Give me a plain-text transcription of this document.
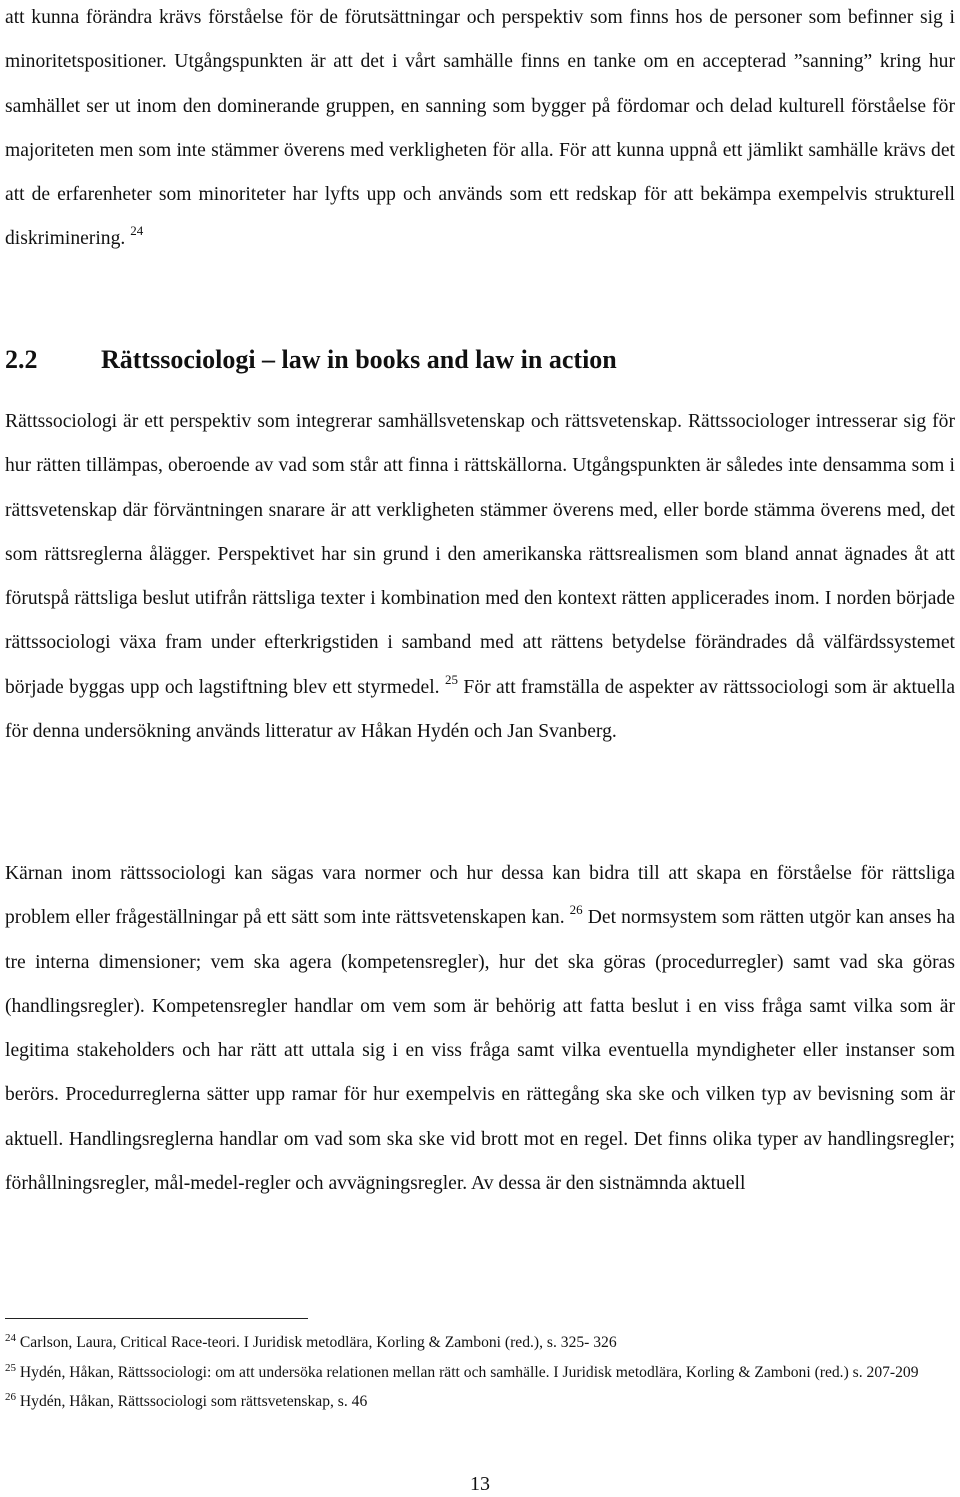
att kunna förändra krävs förståelse för de förutsättningar och perspektiv som finns hos de personer som befinner sig i minoritetspositioner. Utgångspunkten är att det i vårt samhälle finns en tanke om en accepterad ”sanning” kring hur samhället ser ut inom den dominerande gruppen, en sanning som bygger på fördomar och delad kulturell förståelse för majoriteten men som inte stämmer överens med verkligheten för alla. För att kunna uppnå ett jämlikt samhälle krävs det att de erfarenheter som minoriteter har lyfts upp och används som ett redskap för att bekämpa exempelvis strukturell diskriminering. $^{24}$

2.2 Rättssociologi – law in books and law in action

Rättssociologi är ett perspektiv som integrerar samhällsvetenskap och rättsvetenskap. Rättssociologer intresserar sig för hur rätten tillämpas, oberoende av vad som står att finna i rättskällorna. Utgångspunkten är således inte densamma som i rättsvetenskap där förväntningen snarare är att verkligheten stämmer överens med, eller borde stämma överens med, det som rättsreglerna ålägger. Perspektivet har sin grund i den amerikanska rättsrealismen som bland annat ägnades åt att förutspå rättsliga beslut utifrån rättsliga texter i kombination med den kontext rätten applicerades inom. I norden började rättssociologi växa fram under efterkrigstiden i samband med att rättens betydelse förändrades då välfärdssystemet började byggas upp och lagstiftning blev ett styrmedel. $^{25}$ För att framställa de aspekter av rättssociologi som är aktuella för denna undersökning används litteratur av Håkan Hydén och Jan Svanberg.

Kärnan inom rättssociologi kan sägas vara normer och hur dessa kan bidra till att skapa en förståelse för rättsliga problem eller frågeställningar på ett sätt som inte rättsvetenskapen kan. $^{26}$ Det normsystem som rätten utgör kan anses ha tre interna dimensioner; vem ska agera (kompetensregler), hur det ska göras (procedurregler) samt vad ska göras (handlingsregler). Kompetensregler handlar om vem som är behörig att fatta beslut i en viss fråga samt vilka som är legitima stakeholders och har rätt att uttala sig i en viss fråga samt vilka eventuella myndigheter eller instanser som berörs. Procedurreglerna sätter upp ramar för hur exempelvis en rättegång ska ske och vilken typ av bevisning som är aktuell. Handlingsreglerna handlar om vad som ska ske vid brott mot en regel. Det finns olika typer av handlingsregler; förhållningsregler, mål-medel-regler och avvägningsregler. Av dessa är den sistnämnda aktuell

$^{24}$ Carlson, Laura, Critical Race-teori. I Juridisk metodlära, Korling & Zamboni (red.), s. 325- 326

$^{25}$ Hydén, Håkan, Rättssociologi: om att undersöka relationen mellan rätt och samhälle. I Juridisk metodlära, Korling & Zamboni (red.) s. 207-209

$^{26}$ Hydén, Håkan, Rättssociologi som rättsvetenskap, s. 46

13
